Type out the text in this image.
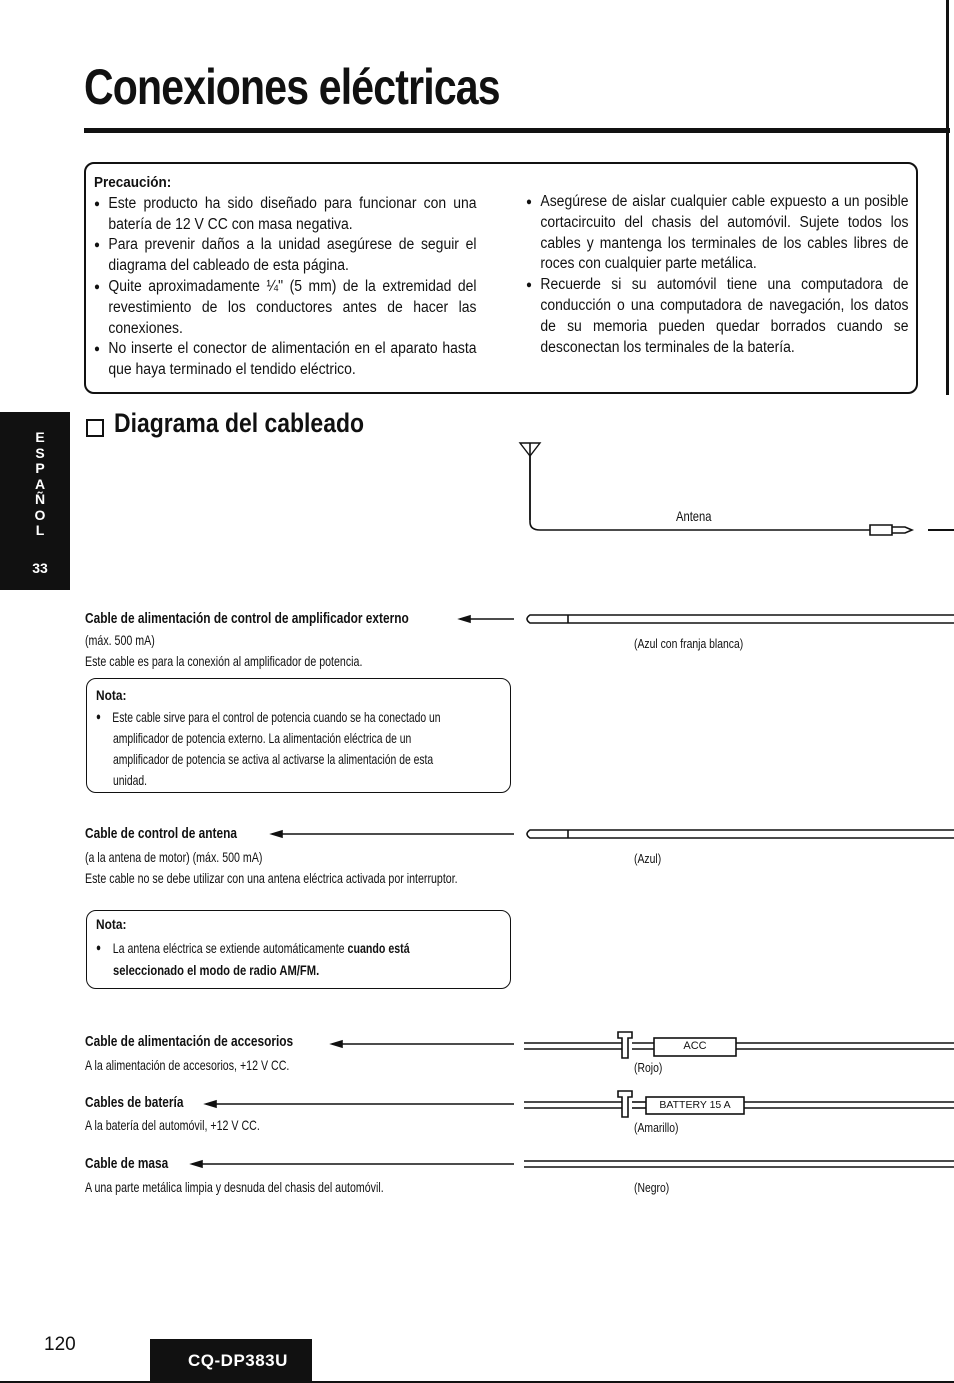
Conexiones eléctricas
Precaución:
● Este producto ha sido diseñado para funcionar con una batería de 12 V CC con masa negativa.
● Para prevenir daños a la unidad asegúrese de seguir el diagrama del cableado de esta página.
● Quite aproximadamente ¼" (5 mm) de la extremidad del revestimiento de los conductores antes de hacer las conexiones.
● No inserte el conector de alimentación en el aparato hasta que haya terminado el tendido eléctrico.
● Asegúrese de aislar cualquier cable expuesto a un posible cortacircuito del chasis del automóvil. Sujete todos los cables y mantenga los terminales de los cables libres de roces con cualquier parte metálica.
● Recuerde si su automóvil tiene una computadora de conducción o una computadora de navegación, los datos de su memoria pueden quedar borrados cuando se desconectan los terminales de la batería.
E
S
P
A
Ñ
O
L
33
Diagrama del cableado
Antena
Cable de alimentación de control de amplificador externo
(máx. 500 mA)
Este cable es para la conexión al amplificador de potencia.
(Azul con franja blanca)
Nota:
● Este cable sirve para el control de potencia cuando se ha conectado un
amplificador de potencia externo. La alimentación eléctrica de un
amplificador de potencia se activa al activarse la alimentación de esta
unidad.
Cable de control de antena
(a la antena de motor) (máx. 500 mA)
Este cable no se debe utilizar con una antena eléctrica activada por interruptor.
(Azul)
Nota:
● La antena eléctrica se extiende automáticamente cuando está
seleccionado el modo de radio AM/FM.
Cable de alimentación de accesorios
A la alimentación de accesorios, +12 V CC.	(Rojo)
Cables de batería
A la batería del automóvil, +12 V CC.	(Amarillo)
Cable de masa
A una parte metálica limpia y desnuda del chasis del automóvil.	(Negro)
ACC
BATTERY 15 A
120
CQ-DP383U
